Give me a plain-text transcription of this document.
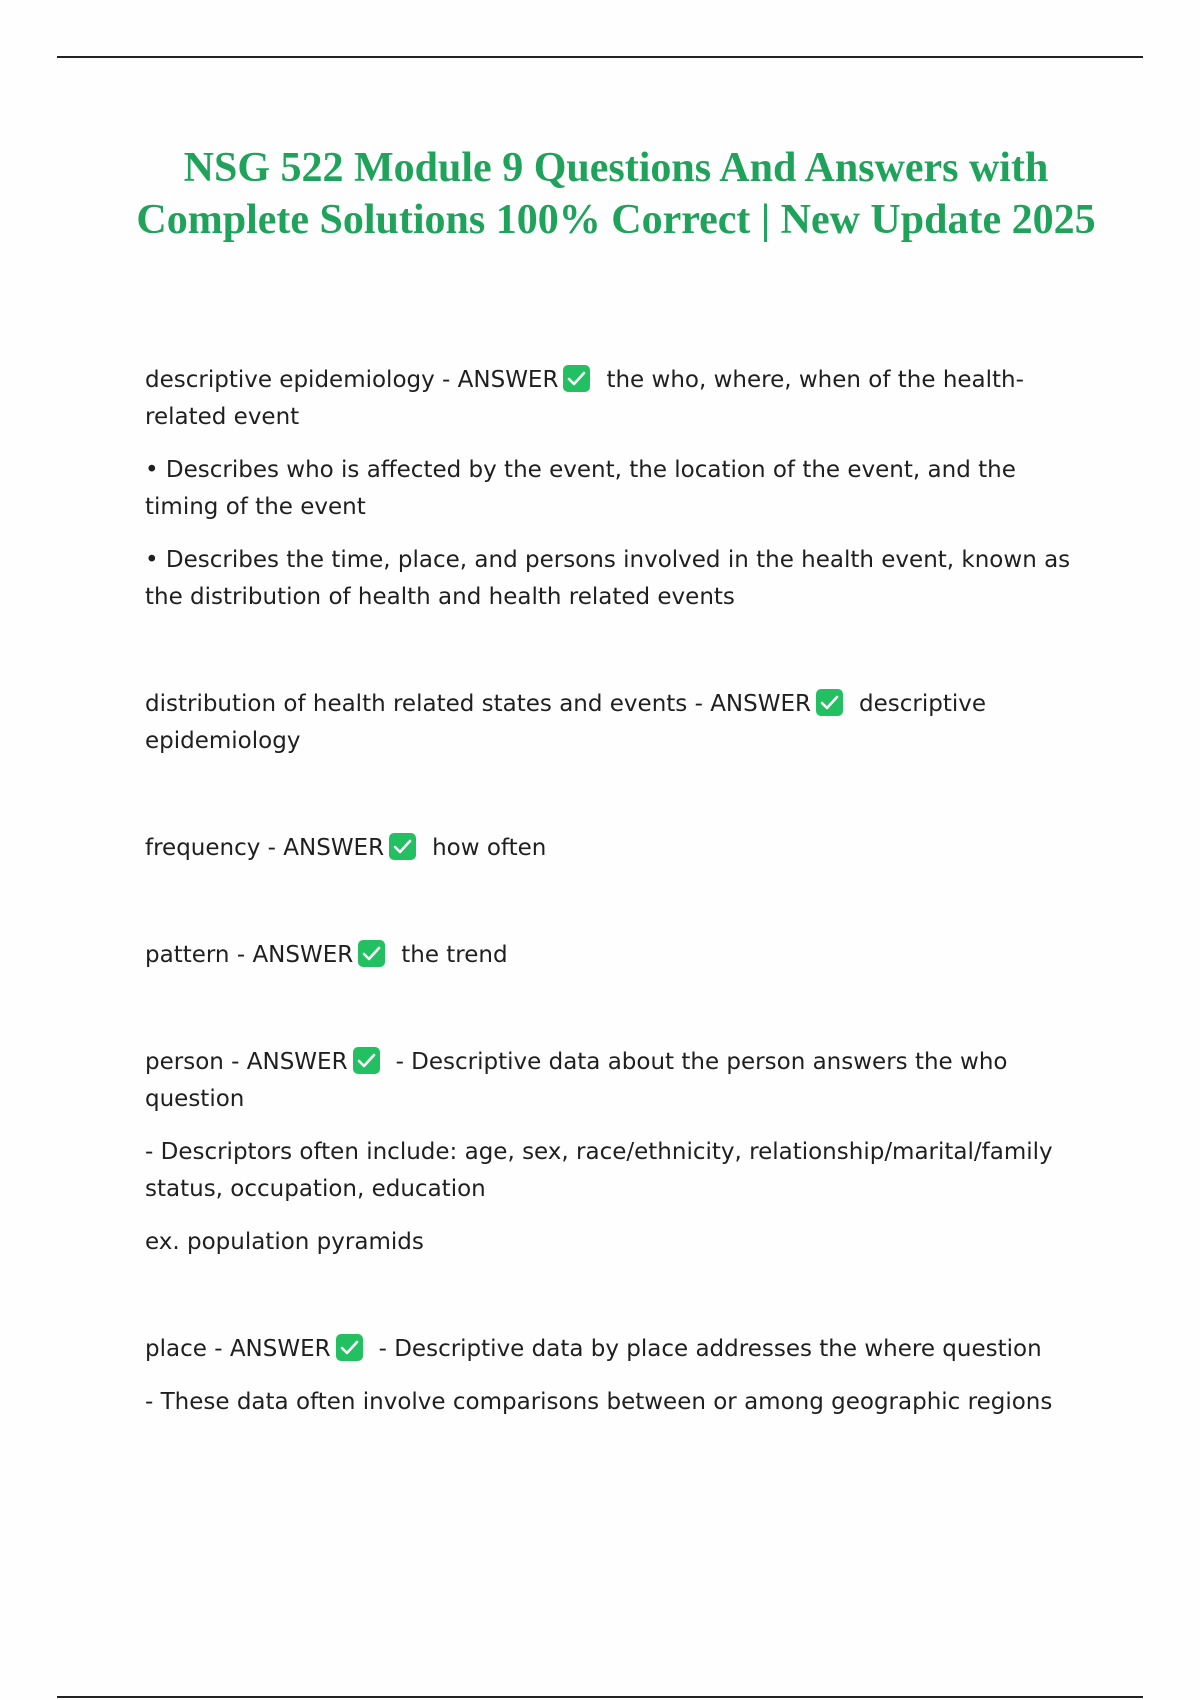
NSG 522 Module 9 Questions And Answers with Complete Solutions 100% Correct | New Update 2025

descriptive epidemiology - ANSWER the who, where, when of the health-related event

• Describes who is affected by the event, the location of the event, and the timing of the event

• Describes the time, place, and persons involved in the health event, known as the distribution of health and health related events

distribution of health related states and events - ANSWER descriptive epidemiology

frequency - ANSWER how often

pattern - ANSWER the trend

person - ANSWER - Descriptive data about the person answers the who question

- Descriptors often include: age, sex, race/ethnicity, relationship/marital/family status, occupation, education

ex. population pyramids

place - ANSWER - Descriptive data by place addresses the where question

- These data often involve comparisons between or among geographic regions
